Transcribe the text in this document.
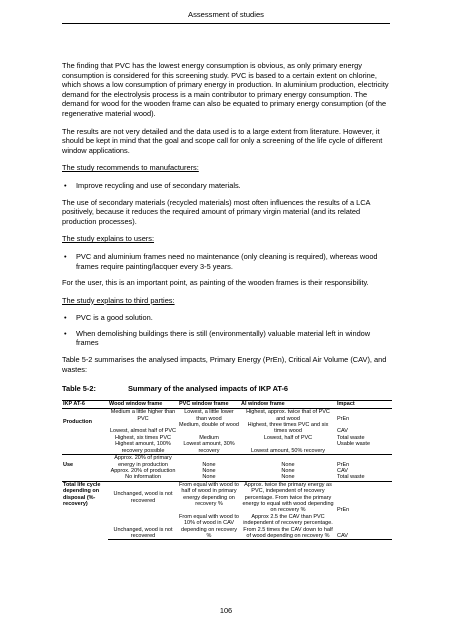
Assessment of studies

The finding that PVC has the lowest energy consumption is obvious, as only primary energy consumption is considered for this screening study. PVC is based to a certain extent on chlorine, which shows a low consumption of primary energy in production. In aluminium production, electricity demand for the electrolysis process is a main contributor to primary energy consumption. The demand for wood for the wooden frame can also be equated to primary energy consumption (of the regenerative material wood).

The results are not very detailed and the data used is to a large extent from literature. However, it should be kept in mind that the goal and scope call for only a screening of the life cycle of different window applications.

The study recommends to manufacturers:

• Improve recycling and use of secondary materials.

The use of secondary materials (recycled materials) most often influences the results of a LCA positively, because it reduces the required amount of primary virgin material (and its related production processes).

The study explains to users:

• PVC and aluminium frames need no maintenance (only cleaning is required), whereas wood frames require painting/lacquer every 3-5 years.

For the user, this is an important point, as painting of the wooden frames is their responsibility.

The study explains to third parties:

• PVC is a good solution.
• When demolishing buildings there is still (environmentally) valuable material left in window frames

Table 5-2 summarises the analysed impacts, Primary Energy (PrEn), Critical Air Volume (CAV), and wastes:

Table 5-2:	Summary of the analysed impacts of IKP AT-6
IKP AT-6	Wood window frame	PVC window frame	Al window frame	Impact
Production	Medium a little higher than PVC	Lowest, a little lower than wood	Highest, approx. twice that of PVC and wood	PrEn
	Lowest, almost half of PVC	Medium, double of wood	Highest, three times PVC and six times wood	CAV
	Highest, six times PVC	Medium	Lowest, half of PVC	Total waste
	Highest amount, 100% recovery possible	Lowest amount, 30% recovery	Lowest amount, 50% recovery	Usable waste
Use	Approx. 20% of primary energy in production	None	None	PrEn
	Approx. 20% of production	None	None	CAV
	No information	None	None	Total waste
Total life cycle depending on disposal (%-recovery)	Unchanged, wood is not recovered	From equal with wood to half of wood in primary energy depending on recovery %	Approx. twice the primary energy as PVC, independent of recovery percentage. From twice the primary energy to equal with wood depending on recovery %	PrEn
	Unchanged, wood is not recovered	From equal with wood to 10% of wood in CAV depending on recovery %	Approx 2.5 the CAV than PVC independent of recovery percentage. From 2.5 times the CAV down to half of wood depending on recovery %	CAV
106
